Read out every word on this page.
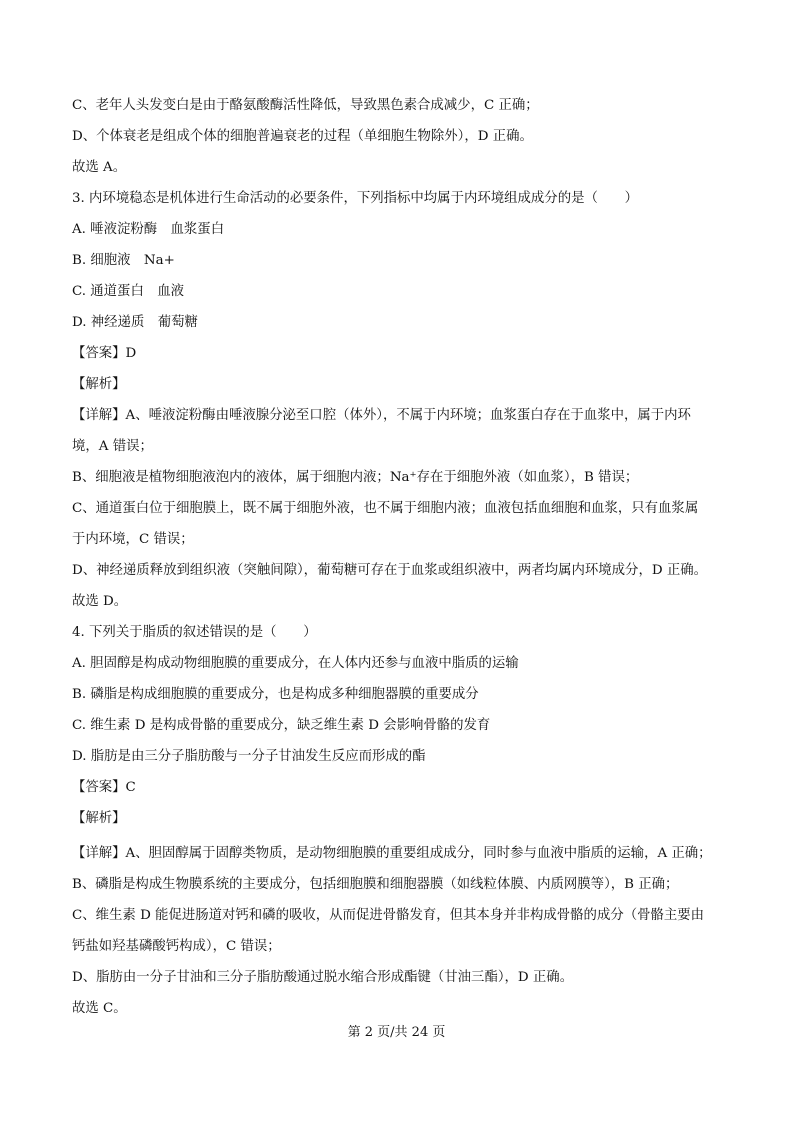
C、老年人头发变白是由于酪氨酸酶活性降低，导致黑色素合成减少，C 正确；
D、个体衰老是组成个体的细胞普遍衰老的过程（单细胞生物除外），D 正确。
故选 A。
3. 内环境稳态是机体进行生命活动的必要条件，下列指标中均属于内环境组成成分的是（　　）
A. 唾液淀粉酶　血浆蛋白
B. 细胞液　Na+
C. 通道蛋白　血液
D. 神经递质　葡萄糖
【答案】D
【解析】
【详解】A、唾液淀粉酶由唾液腺分泌至口腔（体外），不属于内环境；血浆蛋白存在于血浆中，属于内环
境，A 错误；
B、细胞液是植物细胞液泡内的液体，属于细胞内液；Na⁺存在于细胞外液（如血浆），B 错误；
C、通道蛋白位于细胞膜上，既不属于细胞外液，也不属于细胞内液；血液包括血细胞和血浆，只有血浆属
于内环境，C 错误；
D、神经递质释放到组织液（突触间隙），葡萄糖可存在于血浆或组织液中，两者均属内环境成分，D 正确。
故选 D。
4. 下列关于脂质的叙述错误的是（　　）
A. 胆固醇是构成动物细胞膜的重要成分，在人体内还参与血液中脂质的运输
B. 磷脂是构成细胞膜的重要成分，也是构成多种细胞器膜的重要成分
C. 维生素 D 是构成骨骼的重要成分，缺乏维生素 D 会影响骨骼的发育
D. 脂肪是由三分子脂肪酸与一分子甘油发生反应而形成的酯
【答案】C
【解析】
【详解】A、胆固醇属于固醇类物质，是动物细胞膜的重要组成成分，同时参与血液中脂质的运输，A 正确；
B、磷脂是构成生物膜系统的主要成分，包括细胞膜和细胞器膜（如线粒体膜、内质网膜等），B 正确；
C、维生素 D 能促进肠道对钙和磷的吸收，从而促进骨骼发育，但其本身并非构成骨骼的成分（骨骼主要由
钙盐如羟基磷酸钙构成），C 错误；
D、脂肪由一分子甘油和三分子脂肪酸通过脱水缩合形成酯键（甘油三酯），D 正确。
故选 C。
第 2 页/共 24 页
